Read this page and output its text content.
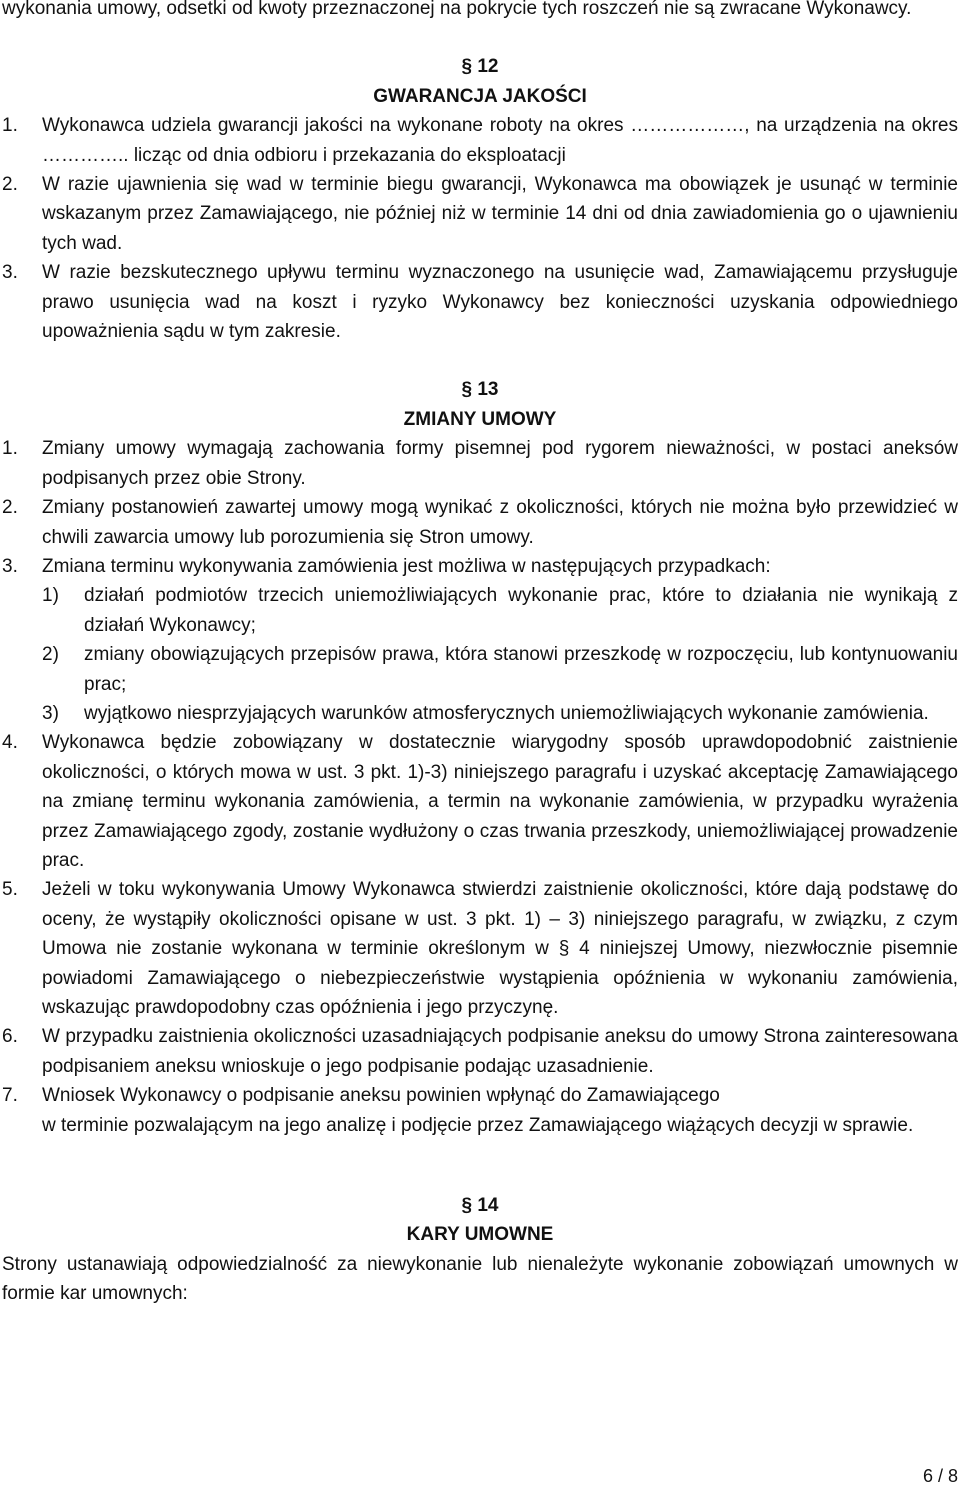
wykonania umowy, odsetki od kwoty przeznaczonej na pokrycie tych roszczeń nie są zwracane Wykonawcy.

§ 12

GWARANCJA JAKOŚCI

1.	Wykonawca udziela gwarancji jakości na wykonane roboty na okres ………………, na urządzenia na okres ………….. licząc od dnia odbioru i przekazania do eksploatacji
2.	W razie ujawnienia się wad w terminie biegu gwarancji, Wykonawca ma obowiązek je usunąć w terminie wskazanym przez Zamawiającego, nie później niż w terminie 14 dni od dnia zawiadomienia go o ujawnieniu tych wad.
3.	W razie bezskutecznego upływu terminu wyznaczonego na usunięcie wad, Zamawiającemu przysługuje prawo usunięcia wad na koszt i ryzyko Wykonawcy bez konieczności uzyskania odpowiedniego upoważnienia sądu w tym zakresie.

§ 13

ZMIANY UMOWY

1.	Zmiany umowy wymagają zachowania formy pisemnej pod rygorem nieważności, w postaci aneksów podpisanych przez obie Strony.
2.	Zmiany postanowień zawartej umowy mogą wynikać z okoliczności, których nie można było przewidzieć w chwili zawarcia umowy lub porozumienia się Stron umowy.
3.	Zmiana terminu wykonywania zamówienia jest możliwa w następujących przypadkach:
1)	działań podmiotów trzecich uniemożliwiających wykonanie prac, które to działania nie wynikają z działań Wykonawcy;
2)	zmiany obowiązujących przepisów prawa, która stanowi przeszkodę w rozpoczęciu, lub kontynuowaniu prac;
3)	wyjątkowo niesprzyjających warunków atmosferycznych uniemożliwiających wykonanie zamówienia.
4.	Wykonawca będzie zobowiązany w dostatecznie wiarygodny sposób uprawdopodobnić zaistnienie okoliczności, o których mowa w ust. 3 pkt. 1)-3) niniejszego paragrafu i uzyskać akceptację Zamawiającego na zmianę terminu wykonania zamówienia, a termin na wykonanie zamówienia, w przypadku wyrażenia przez Zamawiającego zgody, zostanie wydłużony o czas trwania przeszkody, uniemożliwiającej prowadzenie prac.
5.	Jeżeli w toku wykonywania Umowy Wykonawca stwierdzi zaistnienie okoliczności, które dają podstawę do oceny, że wystąpiły okoliczności opisane w ust. 3 pkt. 1) – 3) niniejszego paragrafu, w związku, z czym Umowa nie zostanie wykonana w terminie określonym w § 4 niniejszej Umowy, niezwłocznie pisemnie powiadomi Zamawiającego o niebezpieczeństwie wystąpienia opóźnienia w wykonaniu zamówienia, wskazując prawdopodobny czas opóźnienia i jego przyczynę.
6.	W przypadku zaistnienia okoliczności uzasadniających podpisanie aneksu do umowy Strona zainteresowana podpisaniem aneksu wnioskuje o jego podpisanie podając uzasadnienie.
7.	Wniosek Wykonawcy o podpisanie aneksu powinien wpłynąć do Zamawiającego
w terminie pozwalającym na jego analizę i podjęcie przez Zamawiającego wiążących decyzji w sprawie.

§ 14

KARY UMOWNE

Strony ustanawiają odpowiedzialność za niewykonanie lub nienależyte wykonanie zobowiązań umownych w formie kar umownych:

6 / 8
